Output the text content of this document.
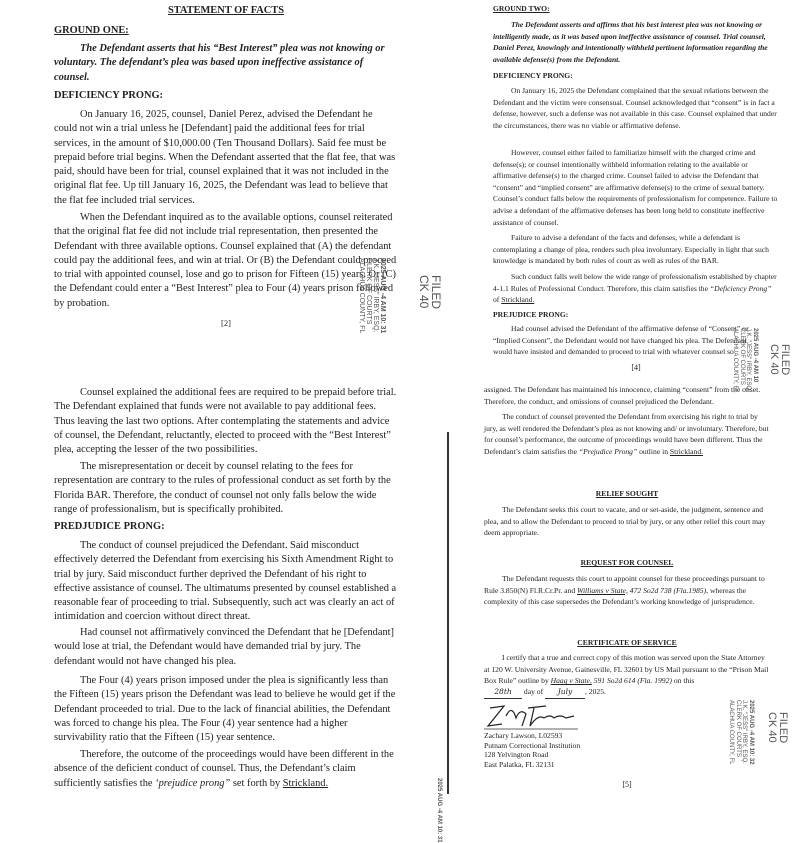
STATEMENT OF FACTS

GROUND ONE:

The Defendant asserts that his “Best Interest” plea was not knowing or voluntary. The defendant’s plea was based upon ineffective assistance of counsel.

DEFICIENCY PRONG:

On January 16, 2025, counsel, Daniel Perez, advised the Defendant he could not win a trial unless he [Defendant] paid the additional fees for trial services, in the amount of $10,000.00 (Ten Thousand Dollars). Said fee must be prepaid before trial begins. When the Defendant asserted that the flat fee, that was paid, should have been for trial, counsel explained that it was not included in the original flat fee. Up till January 16, 2025, the Defendant was lead to believe that the flat fee included trial services.

When the Defendant inquired as to the available options, counsel reiterated that the original flat fee did not include trial representation, then presented the Defendant with three available options. Counsel explained that (A) the defendant could pay the additional fees, and win at trial. Or (B) the Defendant could proceed to trial with appointed counsel, lose and go to prison for Fifteen (15) years. Or (C) the Defendant could enter a “Best Interest” plea to Four (4) years prison followed by probation.

[2]

Counsel explained the additional fees are required to be prepaid before trial. The Defendant explained that funds were not available to pay additional fees. Thus leaving the last two options. After contemplating the statements and advice of counsel, the Defendant, reluctantly, elected to proceed with the “Best Interest” plea, accepting the lesser of the two possibilities.

The misrepresentation or deceit by counsel relating to the fees for representation are contrary to the rules of professional conduct as set forth by the Florida BAR. Therefore, the conduct of counsel not only falls below the wide range of professionalism, but is specifically prohibited.

PREDJUDICE PRONG:

The conduct of counsel prejudiced the Defendant. Said misconduct effectively deterred the Defendant from exercising his Sixth Amendment Right to trial by jury. Said misconduct further deprived the Defendant of his right to effective assistance of counsel. The ultimatums presented by counsel established a reasonable fear of proceeding to trial. Subsequently, such act was clearly an act of intimidation and coercion without direct threat.

Had counsel not affirmatively convinced the Defendant that he [Defendant] would lose at trial, the Defendant would have demanded trial by jury. The defendant would not have changed his plea.

The Four (4) years prison imposed under the plea is significantly less than the Fifteen (15) years prison the Defendant was lead to believe he would get if the Defendant proceeded to trial. Due to the lack of financial abilities, the Defendant was forced to change his plea. The Four (4) year sentence had a higher survivability ratio that the Fifteen (15) year sentence.

Therefore, the outcome of the proceedings would have been different in the absence of the deficient conduct of counsel. Thus, the Defendant’s claim sufficiently satisfies the ‘prejudice prong” set forth by Strickland.

GROUND TWO:

The Defendant asserts and affirms that his best interest plea was not knowing or intelligently made, as it was based upon ineffective assistance of counsel. Trial counsel, Daniel Perez, knowingly and intentionally withheld pertinent information regarding the available defense(s) from the Defendant.

DEFICIENCY PRONG:

On January 16, 2025 the Defendant complained that the sexual relations between the Defendant and the victim were consensual. Counsel acknowledged that “consent” is in fact a defense, however, such a defense was not available in this case. Counsel explained that under the circumstances, there was no viable or affirmative defense.

However, counsel either failed to familiarize himself with the charged crime and defense(s); or counsel intentionally withheld information relating to the available or affirmative defense(s) to the charged crime. Counsel failed to advise the Defendant that “consent” and “implied consent” are affirmative defense(s) to the crime of sexual battery. Counsel’s conduct falls below the requirements of professionalism for competence. Failure to advise a defendant of the affirmative defenses has been long held to constitute ineffective assistance of counsel.

Failure to advise a defendant of the facts and defenses, while a defendant is contemplating a change of plea, renders such plea involuntary. Especially in light that such knowledge is mandated by both rules of court as well as rules of the BAR.

Such conduct falls well below the wide range of professionalism established by chapter 4-1.1 Rules of Professional Conduct. Therefore, this claim satisfies the “Deficiency Prong” of Strickland.

PREJUDICE PRONG:

Had counsel advised the Defendant of the affirmative defense of “Consent” or “Implied Consent”, the Defendant would not have changed his plea. The Defendant would have insisted and demanded to proceed to trial with whatever counsel so

[4]

assigned. The Defendant has maintained his innocence, claiming “consent” from the onset. Therefore, the conduct, and omissions of counsel prejudiced the Defendant.

The conduct of counsel prevented the Defendant from exercising his right to trial by jury, as well rendered the Defendant’s plea as not knowing and/ or involuntary. Therefore, but for counsel’s performance, the outcome of proceedings would have been different. Thus the Defendant’s claim satisfies the “Prejudice Prong” outline in Strickland.

RELIEF SOUGHT

The Defendant seeks this court to vacate, and or set-aside, the judgment, sentence and plea, and to allow the Defendant to proceed to trial by jury, or any other relief this court may deem appropriate.

REQUEST FOR COUNSEL

The Defendant requests this court to appoint counsel for these proceedings pursuant to Rule 3.850(N) Fl.R.Cr.Pr. and Williams v State, 472 So2d 738 (Fla.1985), whereas the complexity of this case supersedes the Defendant’s working knowledge of jurisprudence.

CERTIFICATE OF SERVICE

I certify that a true and correct copy of this motion was served upon the State Attorney at 120 W. University Avenue, Gainesville, FL 32601 by US Mail pursuant to the “Prison Mail Box Rule” outline by Haag v State, 591 So2d 614 (Fla. 1992) on this

28th day of July , 2025.

Zachary Lawson, L02593
Putnam Correctional Institution
128 Yelvington Road
East Palatka, FL 32131

[5]

FILED
CK 40
2025 AUG -4 AM 10: 31
J.K. "JESS" IRBY, ESQ.
CLERK OF COURTS
ALACHUA COUNTY, FL
FILED
CK 40
2025 AUG -4 AM 10
J.K. "JESS" IRBY, ESQ.
CLERK OF COURTS
ALACHUA COUNTY, FL
FILED
CK 40
2025 AUG -4 AM 10: 32
J.K. "JESS" IRBY, ESQ.
CLERK OF COURTS
ALACHUA COUNTY, FL
2025 AUG -4 AM 10: 31
